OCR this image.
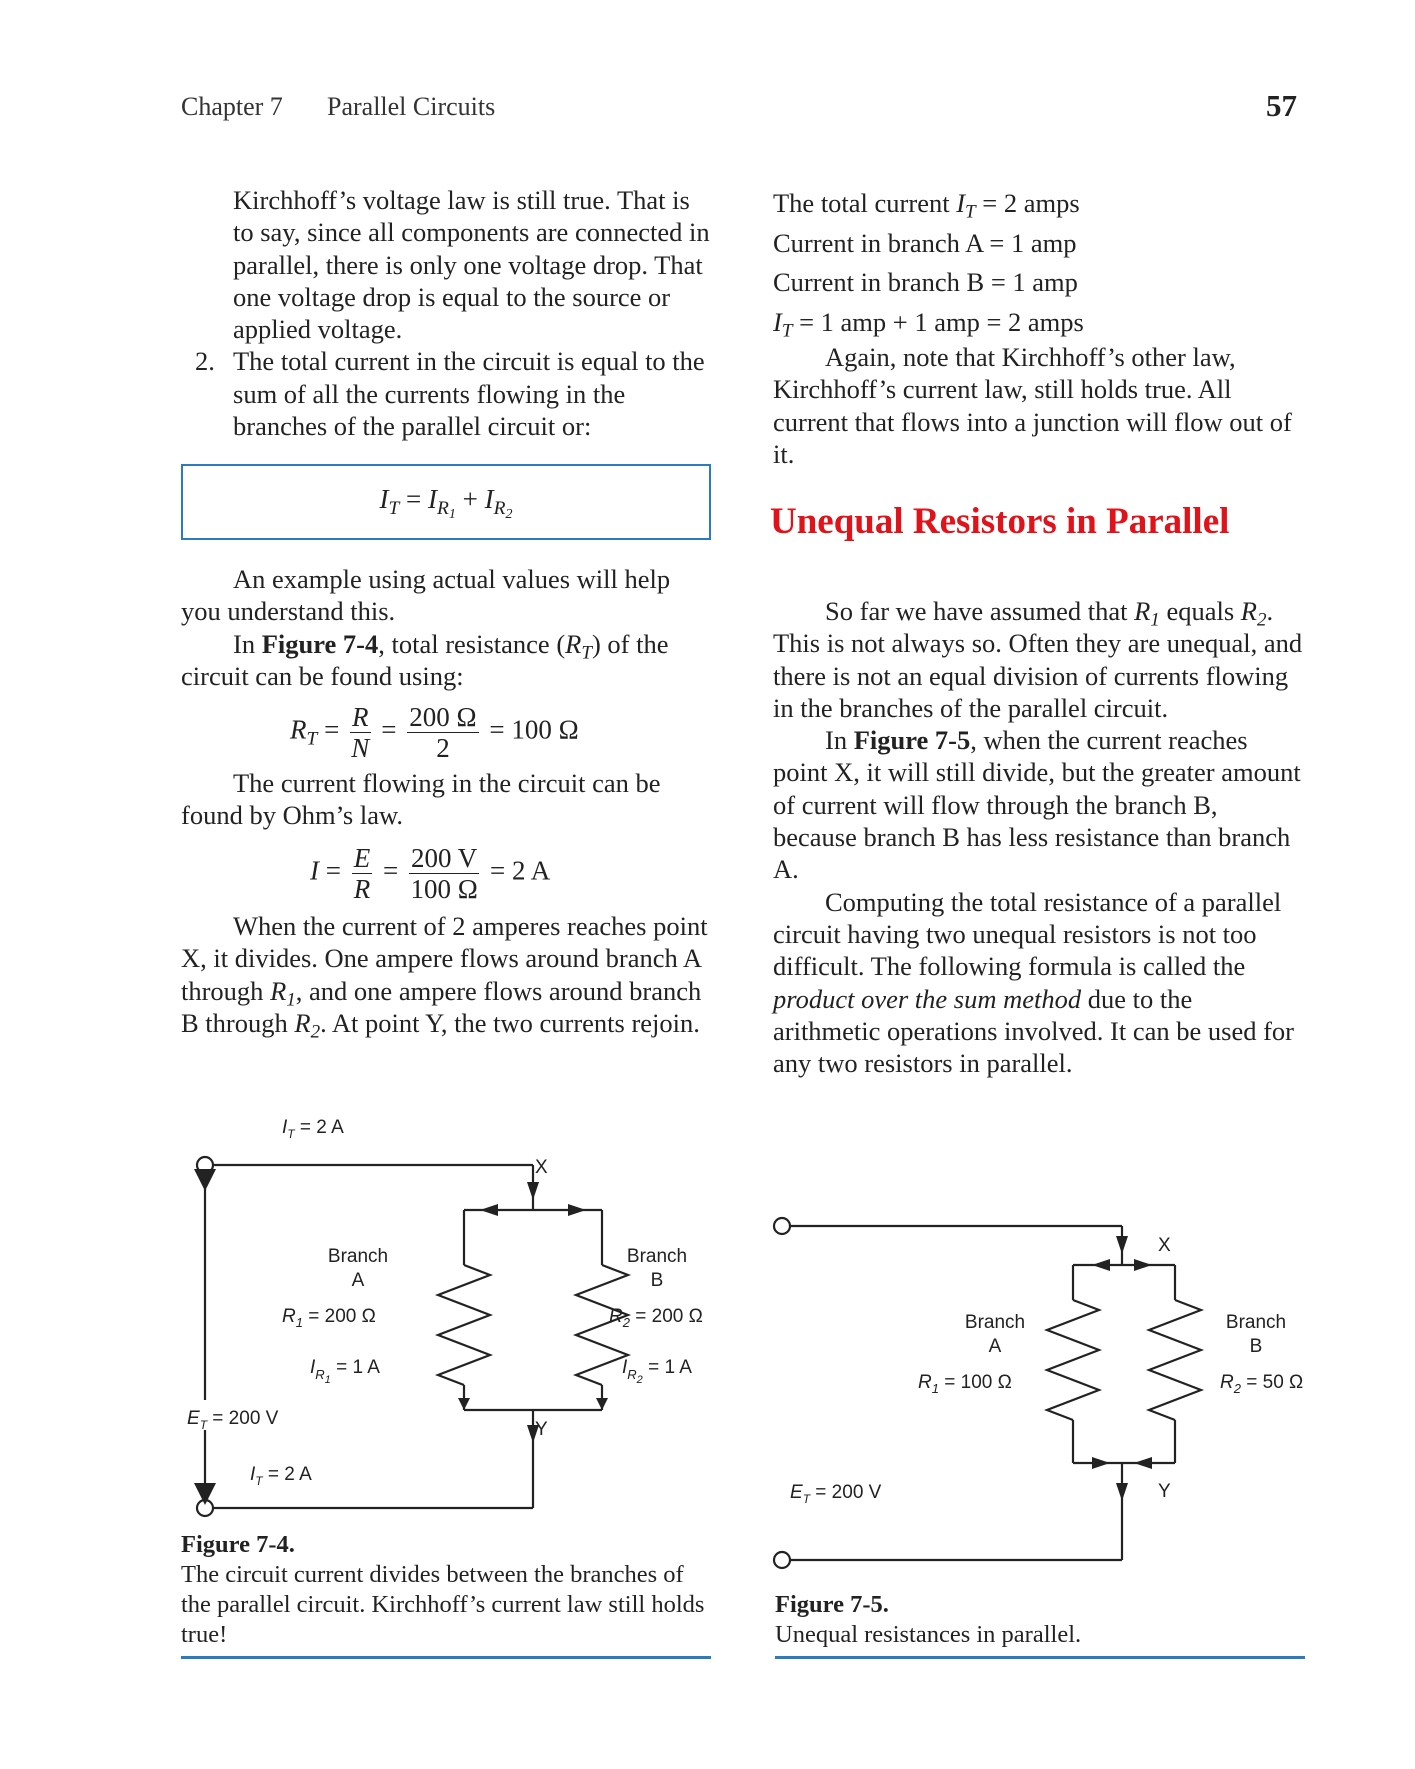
Chapter 7 Parallel Circuits	57
Kirchhoff’s voltage law is still true. That is to say, since all components are connected in parallel, there is only one voltage drop. That one voltage drop is equal to the source or applied voltage.
2. The total current in the circuit is equal to the sum of all the currents flowing in the branches of the parallel circuit or:
$I_T = I_{R_1} + I_{R_2}$

An example using actual values will help you understand this.

In Figure 7-4, total resistance $(R_T)$ of the circuit can be found using:

$R_T = \frac{R}{N} = \frac{200 \Omega}{2} = 100$ Ω

The current flowing in the circuit can be found by Ohm’s law.

$I = \frac{E}{R} = \frac{200 V}{100 \Omega} = 2$ A

When the current of 2 amperes reaches point X, it divides. One ampere flows around branch A through $R_1$, and one ampere flows around branch B through $R_2$. At point Y, the two currents rejoin.

$I_T = 2$ A
X
Y
Branch
A
Branch
B
$R_1 = 200$ Ω	$R_2 = 200$ Ω
$I_{R1} = 1$ A	$I_{R2} = 1$ A
$E_T = 200$ V
$I_T = 2$ A
X
Y
Branch
A
Branch
B
$R_1 = 100$ Ω	$R_2 = 50$ Ω
$E_T = 200$ V
Figure 7-4.
The circuit current divides between the branches of the parallel circuit. Kirchhoff’s current law still holds true!
The total current $I_T = 2$ amps
Current in branch A = 1 amp
Current in branch B = 1 amp
$I_T = 1$ amp + 1 amp = 2 amps

Again, note that Kirchhoff’s other law, Kirchhoff’s current law, still holds true. All current that flows into a junction will flow out of it.

Unequal Resistors in Parallel

So far we have assumed that $R_1$ equals $R_2$. This is not always so. Often they are unequal, and there is not an equal division of currents flowing in the branches of the parallel circuit.

In Figure 7-5, when the current reaches point X, it will still divide, but the greater amount of current will flow through the branch B, because branch B has less resistance than branch A.

Computing the total resistance of a parallel circuit having two unequal resistors is not too difficult. The following formula is called the product over the sum method due to the arithmetic operations involved. It can be used for any two resistors in parallel.

Figure 7-5.
Unequal resistances in parallel.
